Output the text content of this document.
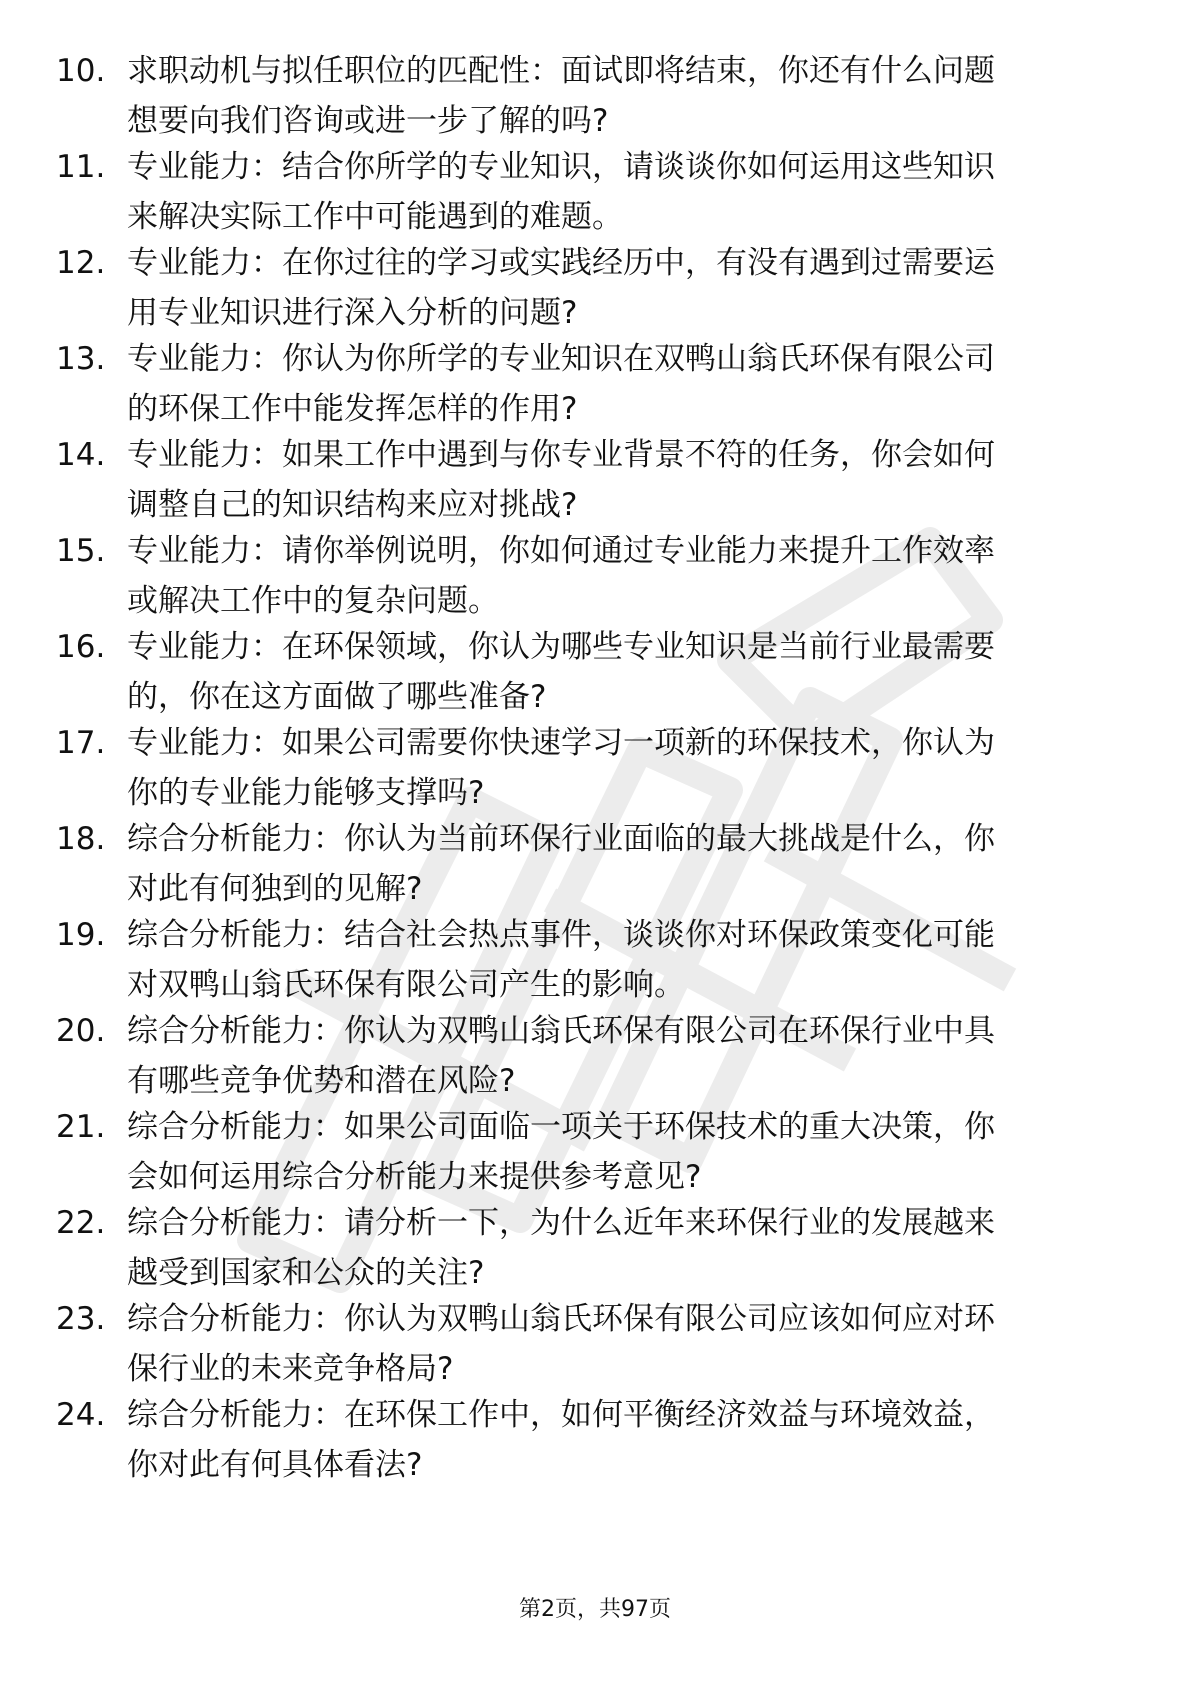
10. 求职动机与拟任职位的匹配性：面试即将结束，你还有什么问题
想要向我们咨询或进一步了解的吗?
11. 专业能力：结合你所学的专业知识，请谈谈你如何运用这些知识
来解决实际工作中可能遇到的难题。
12. 专业能力：在你过往的学习或实践经历中，有没有遇到过需要运
用专业知识进行深入分析的问题?
13. 专业能力：你认为你所学的专业知识在双鸭山翁氏环保有限公司
的环保工作中能发挥怎样的作用?
14. 专业能力：如果工作中遇到与你专业背景不符的任务，你会如何
调整自己的知识结构来应对挑战?
15. 专业能力：请你举例说明，你如何通过专业能力来提升工作效率
或解决工作中的复杂问题。
16. 专业能力：在环保领域，你认为哪些专业知识是当前行业最需要
的，你在这方面做了哪些准备?
17. 专业能力：如果公司需要你快速学习一项新的环保技术，你认为
你的专业能力能够支撑吗?
18. 综合分析能力：你认为当前环保行业面临的最大挑战是什么，你
对此有何独到的见解?
19. 综合分析能力：结合社会热点事件，谈谈你对环保政策变化可能
对双鸭山翁氏环保有限公司产生的影响。
20. 综合分析能力：你认为双鸭山翁氏环保有限公司在环保行业中具
有哪些竞争优势和潜在风险?
21. 综合分析能力：如果公司面临一项关于环保技术的重大决策，你
会如何运用综合分析能力来提供参考意见?
22. 综合分析能力：请分析一下，为什么近年来环保行业的发展越来
越受到国家和公众的关注?
23. 综合分析能力：你认为双鸭山翁氏环保有限公司应该如何应对环
保行业的未来竞争格局?
24. 综合分析能力：在环保工作中，如何平衡经济效益与环境效益，
你对此有何具体看法?
第2页，共97页
